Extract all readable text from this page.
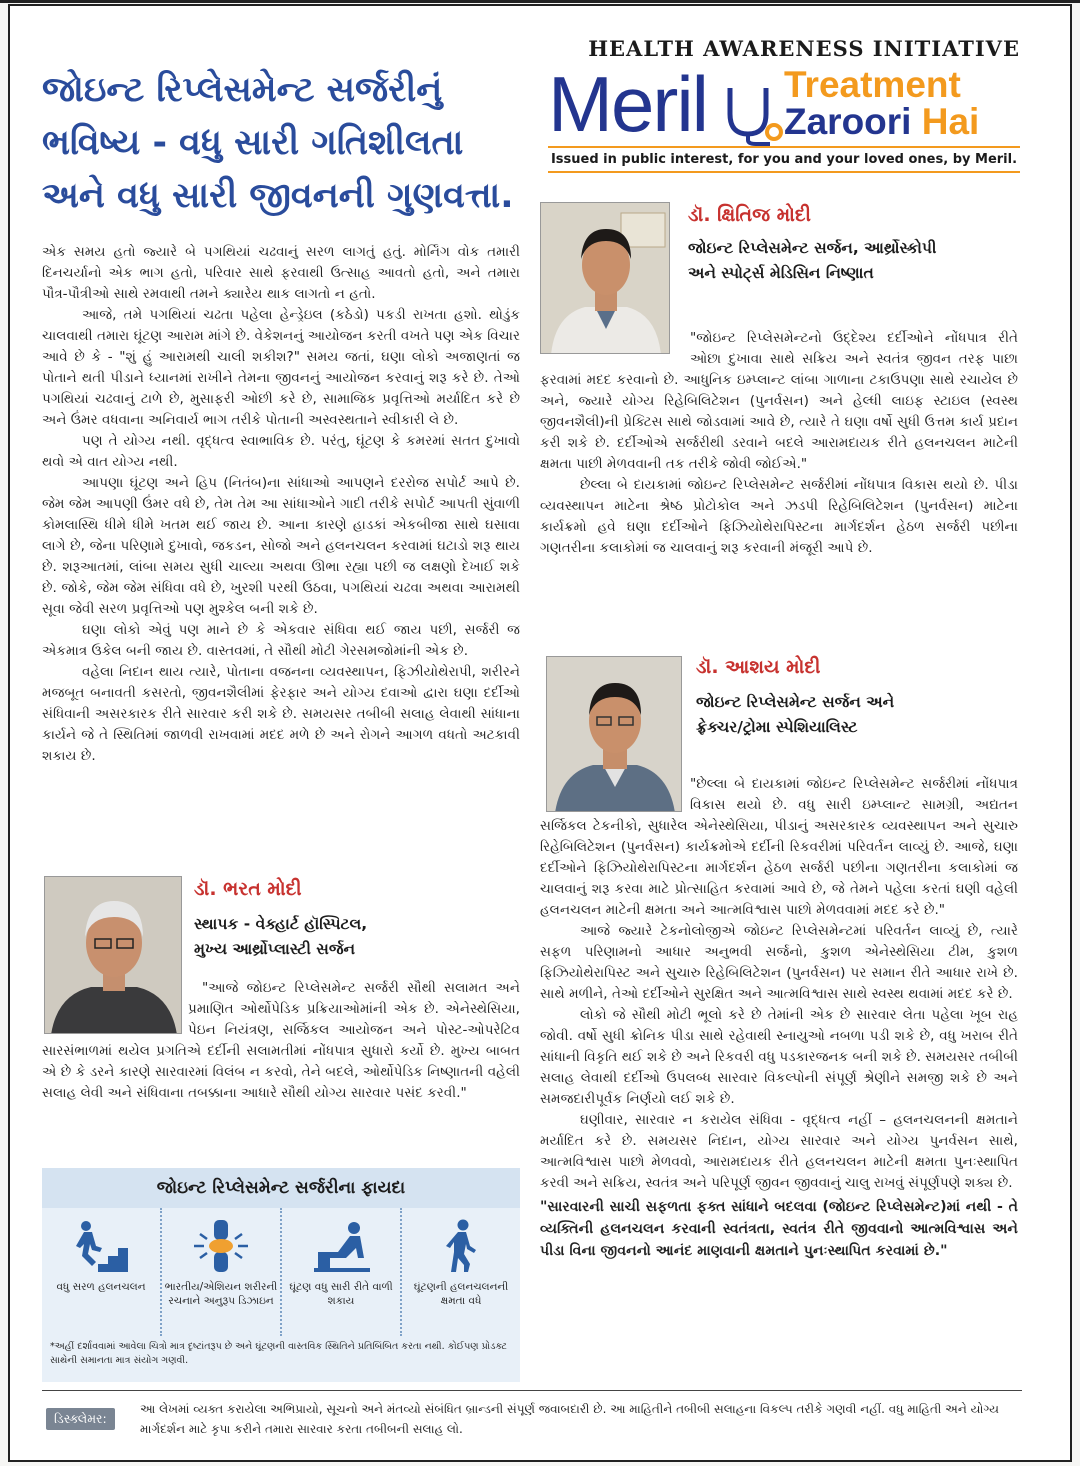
જોઇન્ટ રિપ્લેસમેન્ટ સર્જરીનું
ભવિષ્ય - વધુ સારી ગતિશીલતા
અને વધુ સારી જીવનની ગુણવત્તા.
HEALTH AWARENESS INITIATIVE
Meril Treatment
Zaroori Hai
Issued in public interest, for you and your loved ones, by Meril.

એક સમય હતો જ્યારે બે પગથિયાં ચઢવાનું સરળ લાગતું હતું. મોર્નિંગ વોક તમારી દિનચર્યાનો એક ભાગ હતો, પરિવાર સાથે ફરવાથી ઉત્સાહ આવતો હતો, અને તમારા પૌત્ર-પૌત્રીઓ સાથે રમવાથી તમને ક્યારેય થાક લાગતો ન હતો.

આજે, તમે પગથિયાં ચઢતા પહેલા હેન્ડ્રેઇલ (કઠેડો) પકડી રાખતા હશો. થોડુંક ચાલવાથી તમારા ઘૂંટણ આરામ માંગે છે. વેકેશનનું આયોજન કરતી વખતે પણ એક વિચાર આવે છે કે - "શું હું આરામથી ચાલી શકીશ?" સમય જતાં, ઘણા લોકો અજાણતાં જ પોતાને થતી પીડાને ધ્યાનમાં રાખીને તેમના જીવનનું આયોજન કરવાનું શરૂ કરે છે. તેઓ પગથિયાં ચઢવાનું ટાળે છે, મુસાફરી ઓછી કરે છે, સામાજિક પ્રવૃત્તિઓ મર્યાદિત કરે છે અને ઉંમર વધવાના અનિવાર્ય ભાગ તરીકે પોતાની અસ્વસ્થતાને સ્વીકારી લે છે.

પણ તે યોગ્ય નથી. વૃદ્ધત્વ સ્વાભાવિક છે. પરંતુ, ઘૂંટણ કે કમરમાં સતત દુખાવો થવો એ વાત યોગ્ય નથી.

આપણા ઘૂંટણ અને હિપ (નિતંબ)ના સાંધાઓ આપણને દરરોજ સપોર્ટ આપે છે. જેમ જેમ આપણી ઉંમર વધે છે, તેમ તેમ આ સાંધાઓને ગાદી તરીકે સપોર્ટ આપતી સુંવાળી કોમલાસ્થિ ધીમે ધીમે ખતમ થઈ જાય છે. આના કારણે હાડકાં એકબીજા સાથે ઘસાવા લાગે છે, જેના પરિણામે દુખાવો, જકડન, સોજો અને હલનચલન કરવામાં ઘટાડો શરૂ થાય છે. શરૂઆતમાં, લાંબા સમય સુધી ચાલ્યા અથવા ઊભા રહ્યા પછી જ લક્ષણો દેખાઈ શકે છે. જોકે, જેમ જેમ સંધિવા વધે છે, ખુરશી પરથી ઉઠવા, પગથિયાં ચઢવા અથવા આરામથી સૂવા જેવી સરળ પ્રવૃત્તિઓ પણ મુશ્કેલ બની શકે છે.

ઘણા લોકો એવું પણ માને છે કે એકવાર સંધિવા થઈ જાય પછી, સર્જરી જ એકમાત્ર ઉકેલ બની જાય છે. વાસ્તવમાં, તે સૌથી મોટી ગેરસમજોમાંની એક છે.

વહેલા નિદાન થાય ત્યારે, પોતાના વજનના વ્યવસ્થાપન, ફિઝીયોથેરાપી, શરીરને મજબૂત બનાવતી કસરતો, જીવનશૈલીમાં ફેરફાર અને યોગ્ય દવાઓ દ્વારા ઘણા દર્દીઓ સંધિવાની અસરકારક રીતે સારવાર કરી શકે છે. સમયસર તબીબી સલાહ લેવાથી સાંધાના કાર્યને જે તે સ્થિતિમાં જાળવી રાખવામાં મદદ મળે છે અને રોગને આગળ વધતો અટકાવી શકાય છે.

ડૉ. ક્ષિતિજ મોદી
જોઇન્ટ રિપ્લેસમેન્ટ સર્જન, આર્થ્રોસ્કોપી
અને સ્પોર્ટ્સ મેડિસિન નિષ્ણાત

"જોઇન્ટ રિપ્લેસમેન્ટનો ઉદ્દેશ્ય દર્દીઓને નોંધપાત્ર રીતે ઓછા દુખાવા સાથે સક્રિય અને સ્વતંત્ર જીવન તરફ પાછા ફરવામાં મદદ કરવાનો છે. આધુનિક ઇમ્પ્લાન્ટ લાંબા ગાળાના ટકાઉપણા સાથે રચાયેલ છે અને, જ્યારે યોગ્ય રિહેબિલિટેશન (પુનર્વસન) અને હેલ્ધી લાઇફ સ્ટાઇલ (સ્વસ્થ જીવનશૈલી)ની પ્રેક્ટિસ સાથે જોડવામાં આવે છે, ત્યારે તે ઘણા વર્ષો સુધી ઉત્તમ કાર્ય પ્રદાન કરી શકે છે. દર્દીઓએ સર્જરીથી ડરવાને બદલે આરામદાયક રીતે હલનચલન માટેની ક્ષમતા પાછી મેળવવાની તક તરીકે જોવી જોઈએ."

છેલ્લા બે દાયકામાં જોઇન્ટ રિપ્લેસમેન્ટ સર્જરીમાં નોંધપાત્ર વિકાસ થયો છે. પીડા વ્યવસ્થાપન માટેના શ્રેષ્ઠ પ્રોટોકોલ અને ઝડપી રિહેબિલિટેશન (પુનર્વસન) માટેના કાર્યક્રમો હવે ઘણા દર્દીઓને ફિઝિયોથેરાપિસ્ટના માર્ગદર્શન હેઠળ સર્જરી પછીના ગણતરીના કલાકોમાં જ ચાલવાનું શરૂ કરવાની મંજૂરી આપે છે.

ડૉ. આશય મોદી
જોઇન્ટ રિપ્લેસમેન્ટ સર્જન અને
ફ્રેક્ચર/ટ્રોમા સ્પેશિયાલિસ્ટ

"છેલ્લા બે દાયકામાં જોઇન્ટ રિપ્લેસમેન્ટ સર્જરીમાં નોંધપાત્ર વિકાસ થયો છે. વધુ સારી ઇમ્પ્લાન્ટ સામગ્રી, અદ્યતન સર્જિકલ ટેકનીકો, સુધારેલ એનેસ્થેસિયા, પીડાનું અસરકારક વ્યવસ્થાપન અને સુચારુ રિહેબિલિટેશન (પુનર્વસન) કાર્યક્રમોએ દર્દીની રિકવરીમાં પરિવર્તન લાવ્યું છે. આજે, ઘણા દર્દીઓને ફિઝિયોથેરાપિસ્ટના માર્ગદર્શન હેઠળ સર્જરી પછીના ગણતરીના કલાકોમાં જ ચાલવાનું શરૂ કરવા માટે પ્રોત્સાહિત કરવામાં આવે છે, જે તેમને પહેલા કરતાં ઘણી વહેલી હલનચલન માટેની ક્ષમતા અને આત્મવિશ્વાસ પાછો મેળવવામાં મદદ કરે છે."

આજે જ્યારે ટેકનોલોજીએ જોઇન્ટ રિપ્લેસમેન્ટમાં પરિવર્તન લાવ્યું છે, ત્યારે સફળ પરિણામનો આધાર અનુભવી સર્જનો, કુશળ એનેસ્થેસિયા ટીમ, કુશળ ફિઝિયોથેરાપિસ્ટ અને સુચારુ રિહેબિલિટેશન (પુનર્વસન) પર સમાન રીતે આધાર રાખે છે. સાથે મળીને, તેઓ દર્દીઓને સુરક્ષિત અને આત્મવિશ્વાસ સાથે સ્વસ્થ થવામાં મદદ કરે છે.

લોકો જે સૌથી મોટી ભૂલો કરે છે તેમાંની એક છે સારવાર લેતા પહેલા ખૂબ રાહ જોવી. વર્ષો સુધી ક્રોનિક પીડા સાથે રહેવાથી સ્નાયુઓ નબળા પડી શકે છે, વધુ ખરાબ રીતે સાંધાની વિકૃતિ થઈ શકે છે અને રિકવરી વધુ પડકારજનક બની શકે છે. સમયસર તબીબી સલાહ લેવાથી દર્દીઓ ઉપલબ્ધ સારવાર વિકલ્પોની સંપૂર્ણ શ્રેણીને સમજી શકે છે અને સમજદારીપૂર્વક નિર્ણયો લઈ શકે છે.

ઘણીવાર, સારવાર ન કરાયેલ સંધિવા - વૃદ્ધત્વ નહીં – હલનચલનની ક્ષમતાને મર્યાદિત કરે છે. સમયસર નિદાન, યોગ્ય સારવાર અને યોગ્ય પુનર્વસન સાથે, આત્મવિશ્વાસ પાછો મેળવવો, આરામદાયક રીતે હલનચલન માટેની ક્ષમતા પુનઃસ્થાપિત કરવી અને સક્રિય, સ્વતંત્ર અને પરિપૂર્ણ જીવન જીવવાનું ચાલુ રાખવું સંપૂર્ણપણે શક્ય છે.

"સારવારની સાચી સફળતા ફક્ત સાંધાને બદલવા (જોઇન્ટ રિપ્લેસમેન્ટ)માં નથી - તે વ્યક્તિની હલનચલન કરવાની સ્વતંત્રતા, સ્વતંત્ર રીતે જીવવાનો આત્મવિશ્વાસ અને પીડા વિના જીવનનો આનંદ માણવાની ક્ષમતાને પુનઃસ્થાપિત કરવામાં છે."

ડૉ. ભરત મોદી
સ્થાપક - વેક્હાર્ટ હૉસ્પિટલ,
મુખ્ય આર્થ્રોપ્લાસ્ટી સર્જન

"આજે જોઇન્ટ રિપ્લેસમેન્ટ સર્જરી સૌથી સલામત અને પ્રમાણિત ઓર્થોપેડિક પ્રક્રિયાઓમાંની એક છે. એનેસ્થેસિયા, પેઇન નિયંત્રણ, સર્જિકલ આયોજન અને પોસ્ટ-ઓપરેટિવ સારસંભાળમાં થયેલ પ્રગતિએ દર્દીની સલામતીમાં નોંધપાત્ર સુધારો કર્યો છે. મુખ્ય બાબત એ છે કે ડરને કારણે સારવારમાં વિલંબ ન કરવો, તેને બદલે, ઓર્થોપેડિક નિષ્ણાતની વહેલી સલાહ લેવી અને સંધિવાના તબક્કાના આધારે સૌથી યોગ્ય સારવાર પસંદ કરવી."

જોઇન્ટ રિપ્લેસમેન્ટ સર્જરીના ફાયદા
વધુ સરળ હલનચલન	ભારતીય/એશિયન શરીરની રચનાને અનુરૂપ ડિઝાઇન
ઘૂંટણ વધુ સારી રીતે વાળી શકાય
ઘૂંટણની હલનચલનની ક્ષમતા વધે
*અહીં દર્શાવવામાં આવેલા ચિત્રો માત્ર દૃષ્ટાંતરૂપ છે અને ઘૂંટણની વાસ્તવિક સ્થિતિને પ્રતિબિંબિત કરતા નથી. કોઈપણ પ્રોડક્ટ સાથેની સમાનતા માત્ર સંયોગ ગણવી.
ડિસ્ક્લેમર:
આ લેખમાં વ્યક્ત કરાયેલા અભિપ્રાયો, સૂચનો અને મંતવ્યો સંબંધિત બ્રાન્ડની સંપૂર્ણ જવાબદારી છે. આ માહિતીને તબીબી સલાહના વિકલ્પ તરીકે ગણવી નહીં. વધુ માહિતી અને યોગ્ય માર્ગદર્શન માટે કૃપા કરીને તમારા સારવાર કરતા તબીબની સલાહ લો.
